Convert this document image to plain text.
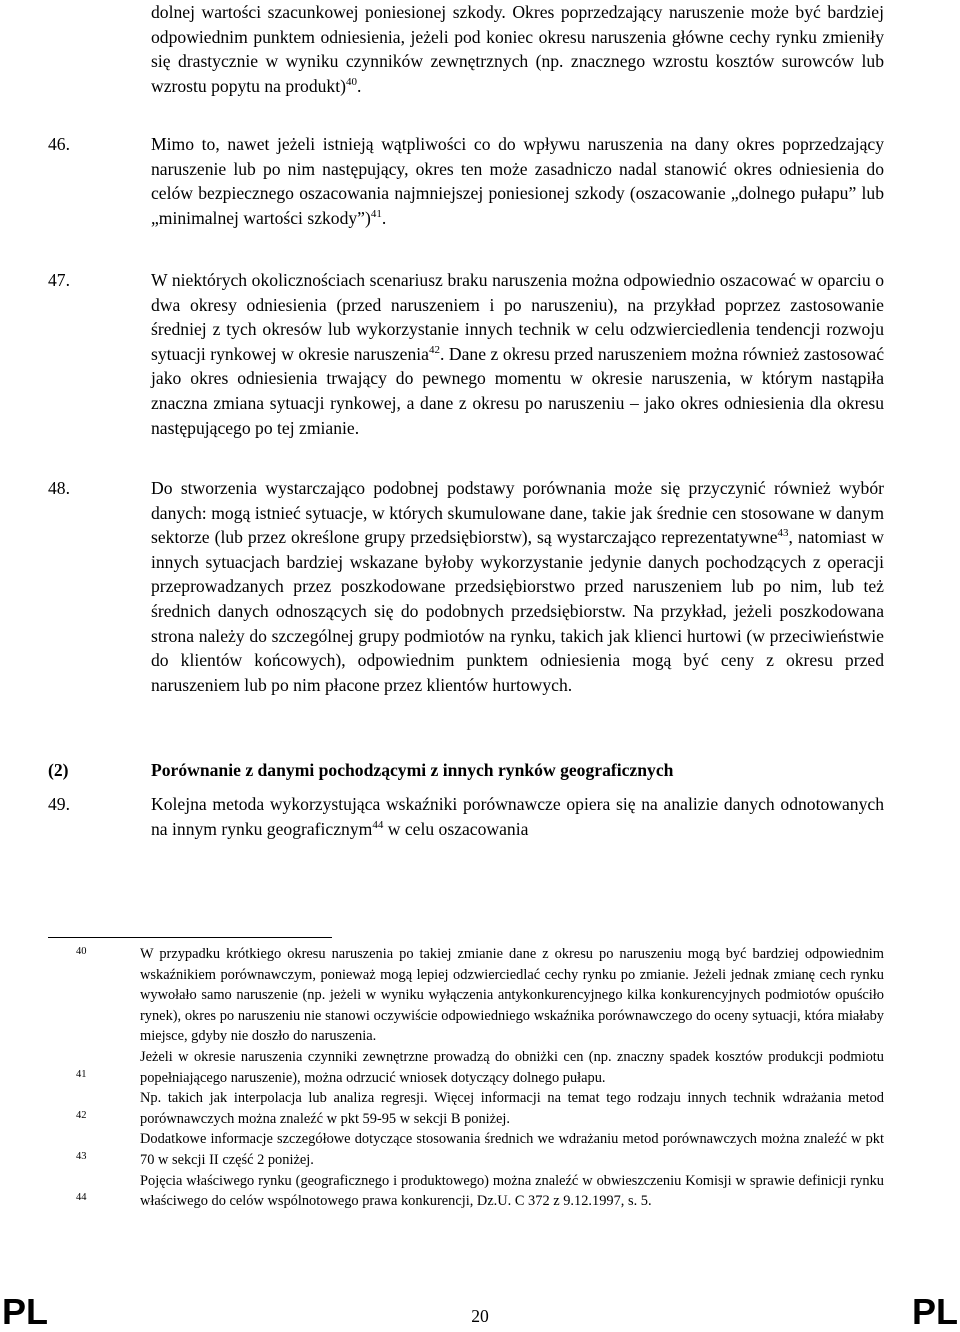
dolnej wartości szacunkowej poniesionej szkody. Okres poprzedzający naruszenie może być bardziej odpowiednim punktem odniesienia, jeżeli pod koniec okresu naruszenia główne cechy rynku zmieniły się drastycznie w wyniku czynników zewnętrznych (np. znacznego wzrostu kosztów surowców lub wzrostu popytu na produkt)$^{40}$.
46.	Mimo to, nawet jeżeli istnieją wątpliwości co do wpływu naruszenia na dany okres poprzedzający naruszenie lub po nim następujący, okres ten może zasadniczo nadal stanowić okres odniesienia do celów bezpiecznego oszacowania najmniejszej poniesionej szkody (oszacowanie „dolnego pułapu” lub „minimalnej wartości szkody”)$^{41}$.
47.	W niektórych okolicznościach scenariusz braku naruszenia można odpowiednio oszacować w oparciu o dwa okresy odniesienia (przed naruszeniem i po naruszeniu), na przykład poprzez zastosowanie średniej z tych okresów lub wykorzystanie innych technik w celu odzwierciedlenia tendencji rozwoju sytuacji rynkowej w okresie naruszenia$^{42}$. Dane z okresu przed naruszeniem można również zastosować jako okres odniesienia trwający do pewnego momentu w okresie naruszenia, w którym nastąpiła znaczna zmiana sytuacji rynkowej, a dane z okresu po naruszeniu – jako okres odniesienia dla okresu następującego po tej zmianie.
48.	Do stworzenia wystarczająco podobnej podstawy porównania może się przyczynić również wybór danych: mogą istnieć sytuacje, w których skumulowane dane, takie jak średnie cen stosowane w danym sektorze (lub przez określone grupy przedsiębiorstw), są wystarczająco reprezentatywne$^{43}$, natomiast w innych sytuacjach bardziej wskazane byłoby wykorzystanie jedynie danych pochodzących z operacji przeprowadzanych przez poszkodowane przedsiębiorstwo przed naruszeniem lub po nim, lub też średnich danych odnoszących się do podobnych przedsiębiorstw. Na przykład, jeżeli poszkodowana strona należy do szczególnej grupy podmiotów na rynku, takich jak klienci hurtowi (w przeciwieństwie do klientów końcowych), odpowiednim punktem odniesienia mogą być ceny z okresu przed naruszeniem lub po nim płacone przez klientów hurtowych.
(2)	Porównanie z danymi pochodzącymi z innych rynków geograficznych
49.	Kolejna metoda wykorzystująca wskaźniki porównawcze opiera się na analizie danych odnotowanych na innym rynku geograficznym$^{44}$ w celu oszacowania
40
41
42
43
44
W przypadku krótkiego okresu naruszenia po takiej zmianie dane z okresu po naruszeniu mogą być bardziej odpowiednim wskaźnikiem porównawczym, ponieważ mogą lepiej odzwierciedlać cechy rynku po zmianie. Jeżeli jednak zmianę cech rynku wywołało samo naruszenie (np. jeżeli w wyniku wyłączenia antykonkurencyjnego kilka konkurencyjnych podmiotów opuściło rynek), okres po naruszeniu nie stanowi oczywiście odpowiedniego wskaźnika porównawczego do oceny sytuacji, która miałaby miejsce, gdyby nie doszło do naruszenia.
Jeżeli w okresie naruszenia czynniki zewnętrzne prowadzą do obniżki cen (np. znaczny spadek kosztów produkcji podmiotu popełniającego naruszenie), można odrzucić wniosek dotyczący dolnego pułapu.
Np. takich jak interpolacja lub analiza regresji. Więcej informacji na temat tego rodzaju innych technik wdrażania metod porównawczych można znaleźć w pkt 59-95 w sekcji B poniżej.
Dodatkowe informacje szczegółowe dotyczące stosowania średnich we wdrażaniu metod porównawczych można znaleźć w pkt 70 w sekcji II część 2 poniżej.
Pojęcia właściwego rynku (geograficznego i produktowego) można znaleźć w obwieszczeniu Komisji w sprawie definicji rynku właściwego do celów wspólnotowego prawa konkurencji, Dz.U. C 372 z 9.12.1997, s. 5.
PL	20	PL
